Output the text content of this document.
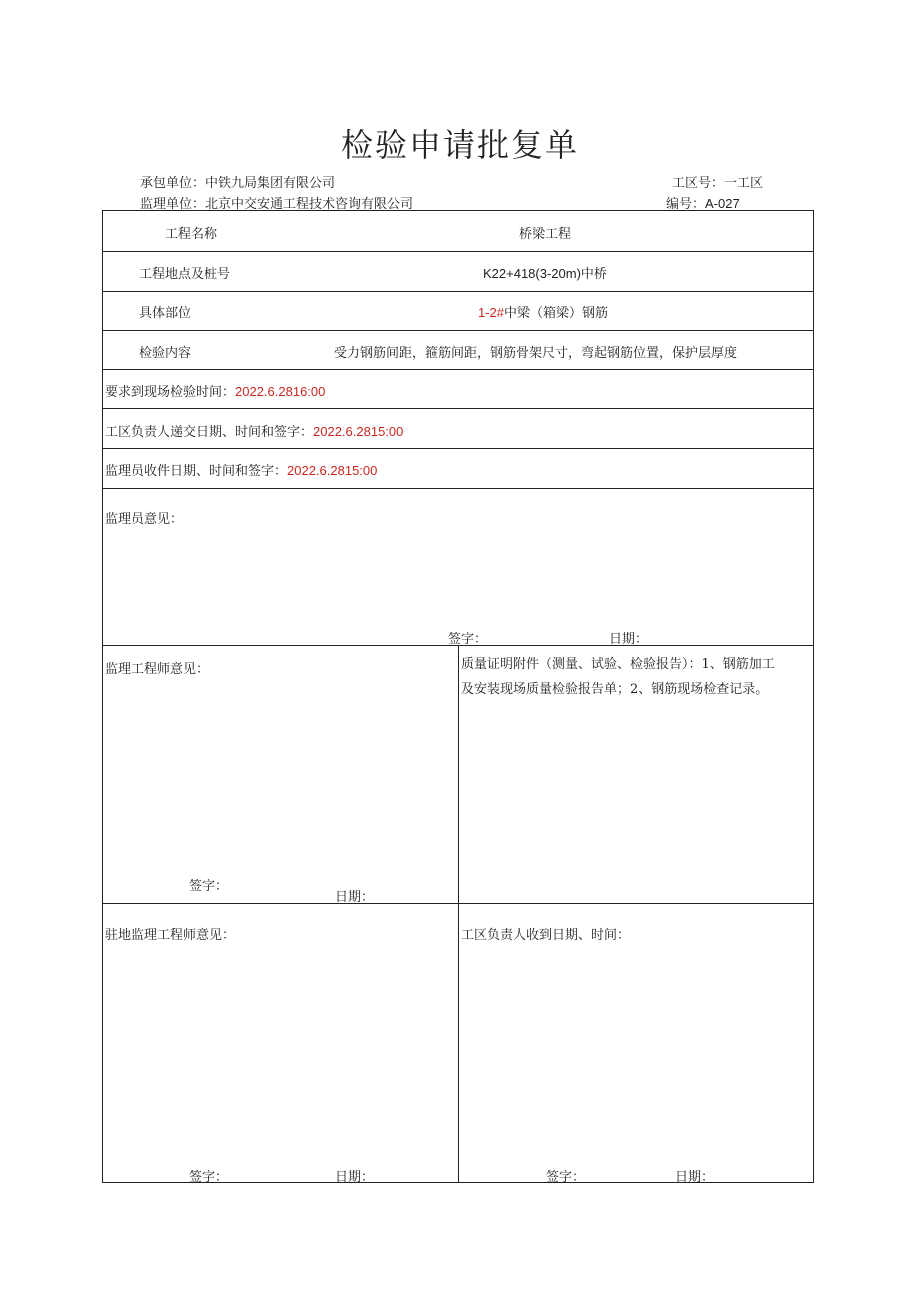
检验申请批复单
承包单位：中铁九局集团有限公司	工区号：一工区
监理单位：北京中交安通工程技术咨询有限公司	编号：A-027
工程名称	桥梁工程
工程地点及桩号	K22+418(3-20m)中桥
具体部位	1-2#中梁（箱梁）钢筋
检验内容	受力钢筋间距，箍筋间距，钢筋骨架尺寸，弯起钢筋位置，保护层厚度
要求到现场检验时间：2022.6.2816:00
工区负责人递交日期、时间和签字：2022.6.2815:00
监理员收件日期、时间和签字：2022.6.2815:00
监理员意见：
签字：	日期：
监理工程师意见：
签字：
日期：
质量证明附件（测量、试验、检验报告）：1、钢筋加工
及安装现场质量检验报告单；2、钢筋现场检查记录。
驻地监理工程师意见：
签字：	日期：
工区负责人收到日期、时间：
签字：	日期：
